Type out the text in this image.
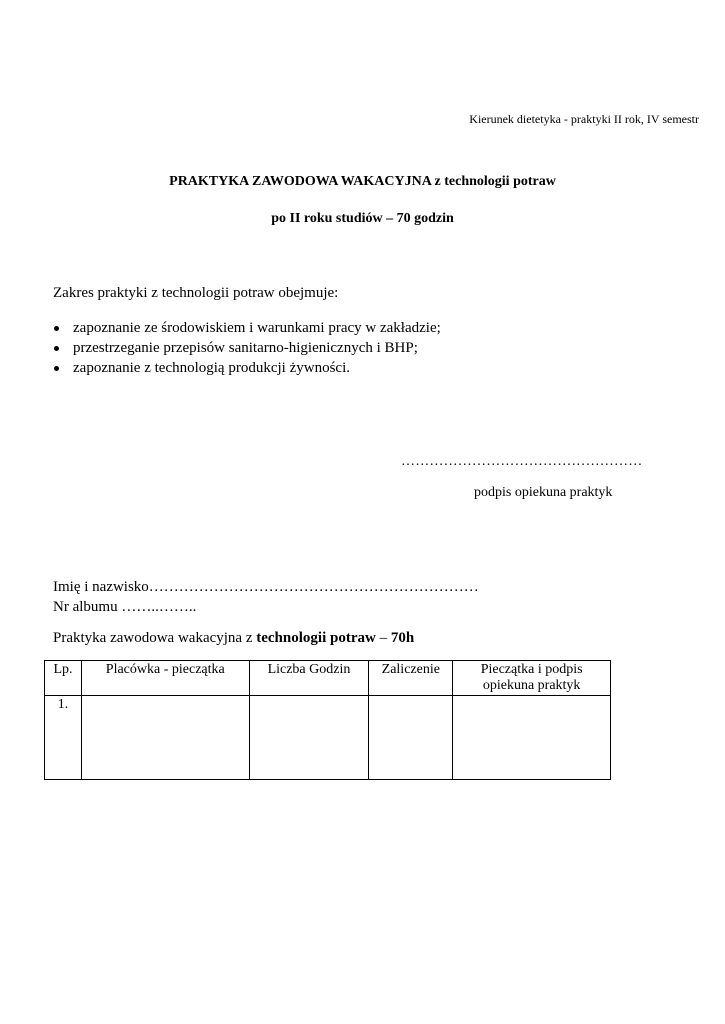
Kierunek dietetyka - praktyki II rok, IV semestr
PRAKTYKA ZAWODOWA WAKACYJNA z technologii potraw
po II roku studiów – 70 godzin
Zakres praktyki z technologii potraw obejmuje:
zapoznanie ze środowiskiem i warunkami pracy w zakładzie;
przestrzeganie przepisów sanitarno-higienicznych i BHP;
zapoznanie z technologią produkcji żywności.
……………………………………………
podpis opiekuna praktyk
Imię i nazwisko…………………………………………………………
Nr albumu ……..……..
Praktyka zawodowa wakacyjna z technologii potraw – 70h
Lp.	Placówka - pieczątka	Liczba Godzin	Zaliczenie	Pieczątka i podpis opiekuna praktyk
1.				
